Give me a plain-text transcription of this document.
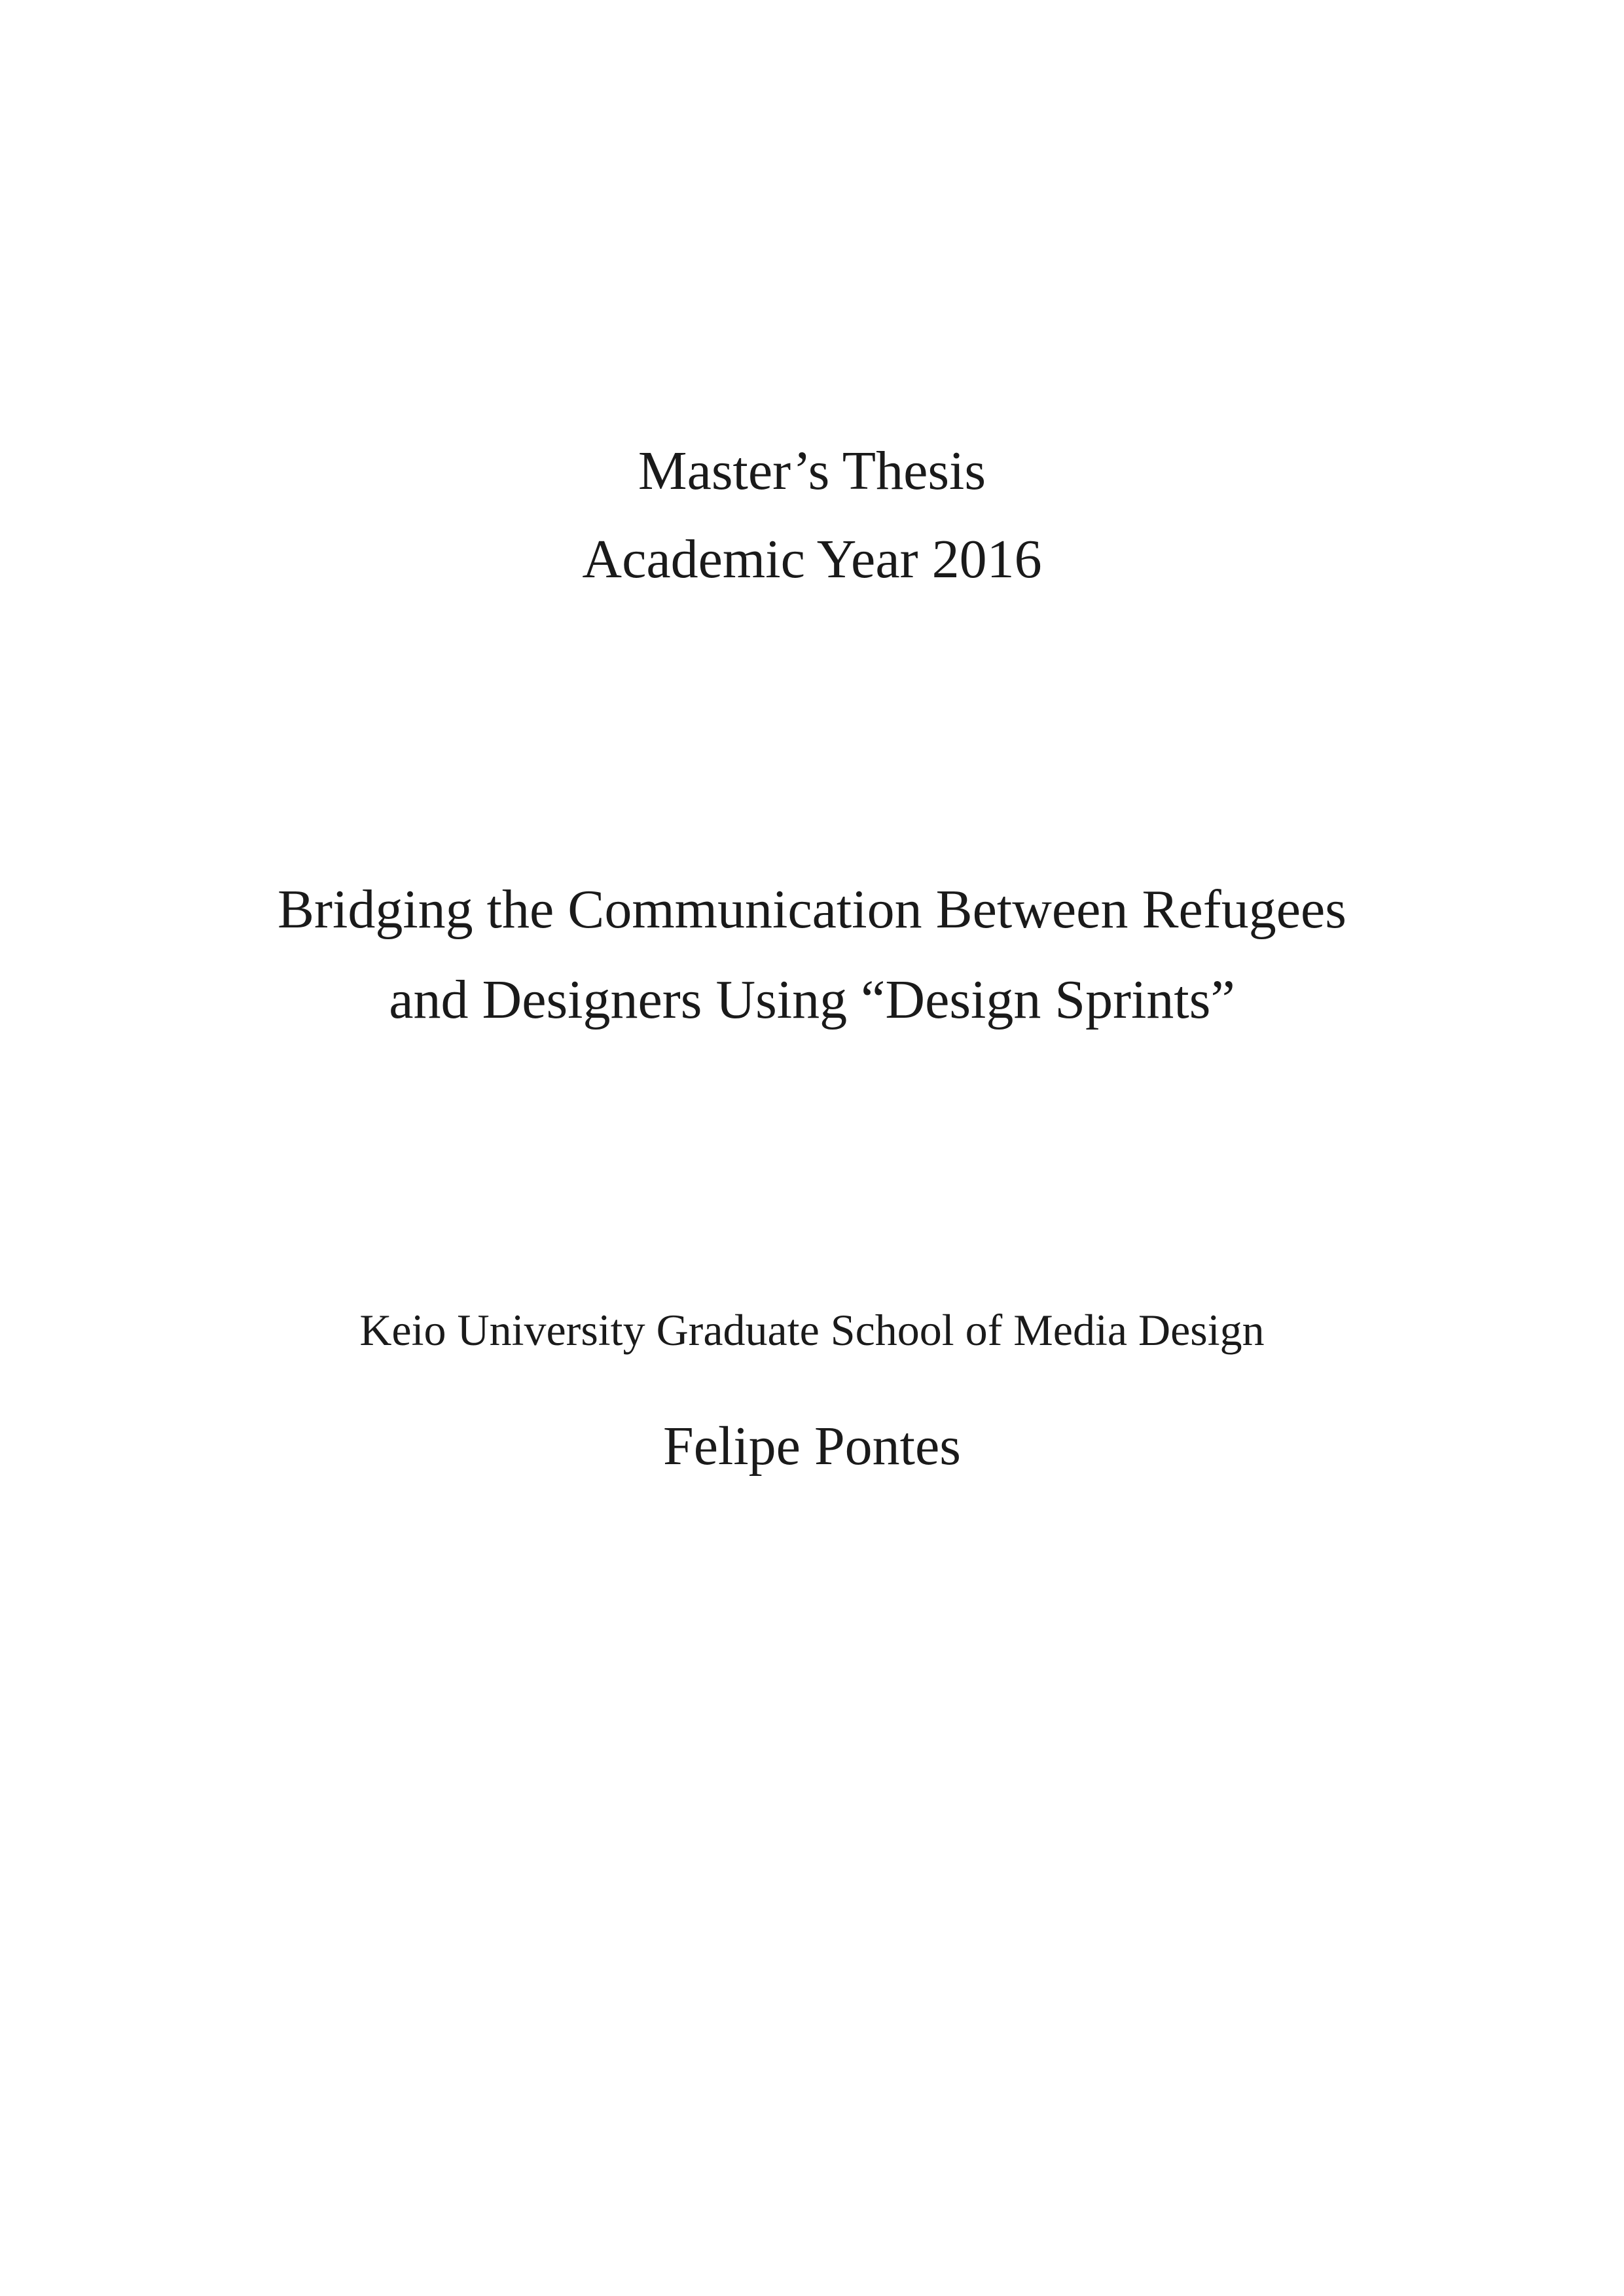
Master’s Thesis
Academic Year 2016
Bridging the Communication Between Refugees
and Designers Using “Design Sprints”
Keio University Graduate School of Media Design
Felipe Pontes
